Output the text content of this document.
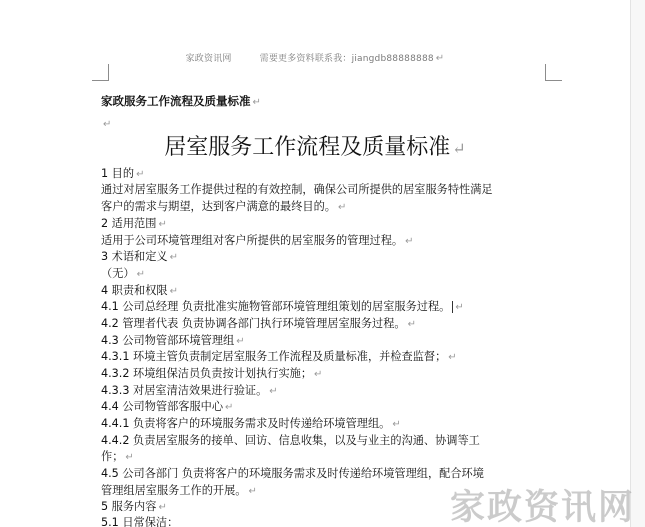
家政资讯网	需要更多资料联系我：jiangdb88888888 ↵
家政服务工作流程及质量标准 ↵
↵
居室服务工作流程及质量标准 ↵
1 目的 ↵
通过对居室服务工作提供过程的有效控制，确保公司所提供的居室服务特性满足
客户的需求与期望，达到客户满意的最终目的。 ↵
2 适用范围 ↵
适用于公司环境管理组对客户所提供的居室服务的管理过程。 ↵
3 术语和定义 ↵
（无） ↵
4 职责和权限 ↵
4.1 公司总经理 负责批准实施物管部环境管理组策划的居室服务过程。 ↵
4.2 管理者代表 负责协调各部门执行环境管理居室服务过程。 ↵
4.3 公司物管部环境管理组 ↵
4.3.1 环境主管负责制定居室服务工作流程及质量标准，并检查监督； ↵
4.3.2 环境组保洁员负责按计划执行实施； ↵
4.3.3 对居室清洁效果进行验证。 ↵
4.4 公司物管部客服中心 ↵
4.4.1 负责将客户的环境服务需求及时传递给环境管理组。 ↵
4.4.2 负责居室服务的接单、回访、信息收集，以及与业主的沟通、协调等工
作； ↵
4.5 公司各部门 负责将客户的环境服务需求及时传递给环境管理组，配合环境
管理组居室服务工作的开展。 ↵
5 服务内容 ↵
5.1 日常保洁：	家政资讯网
